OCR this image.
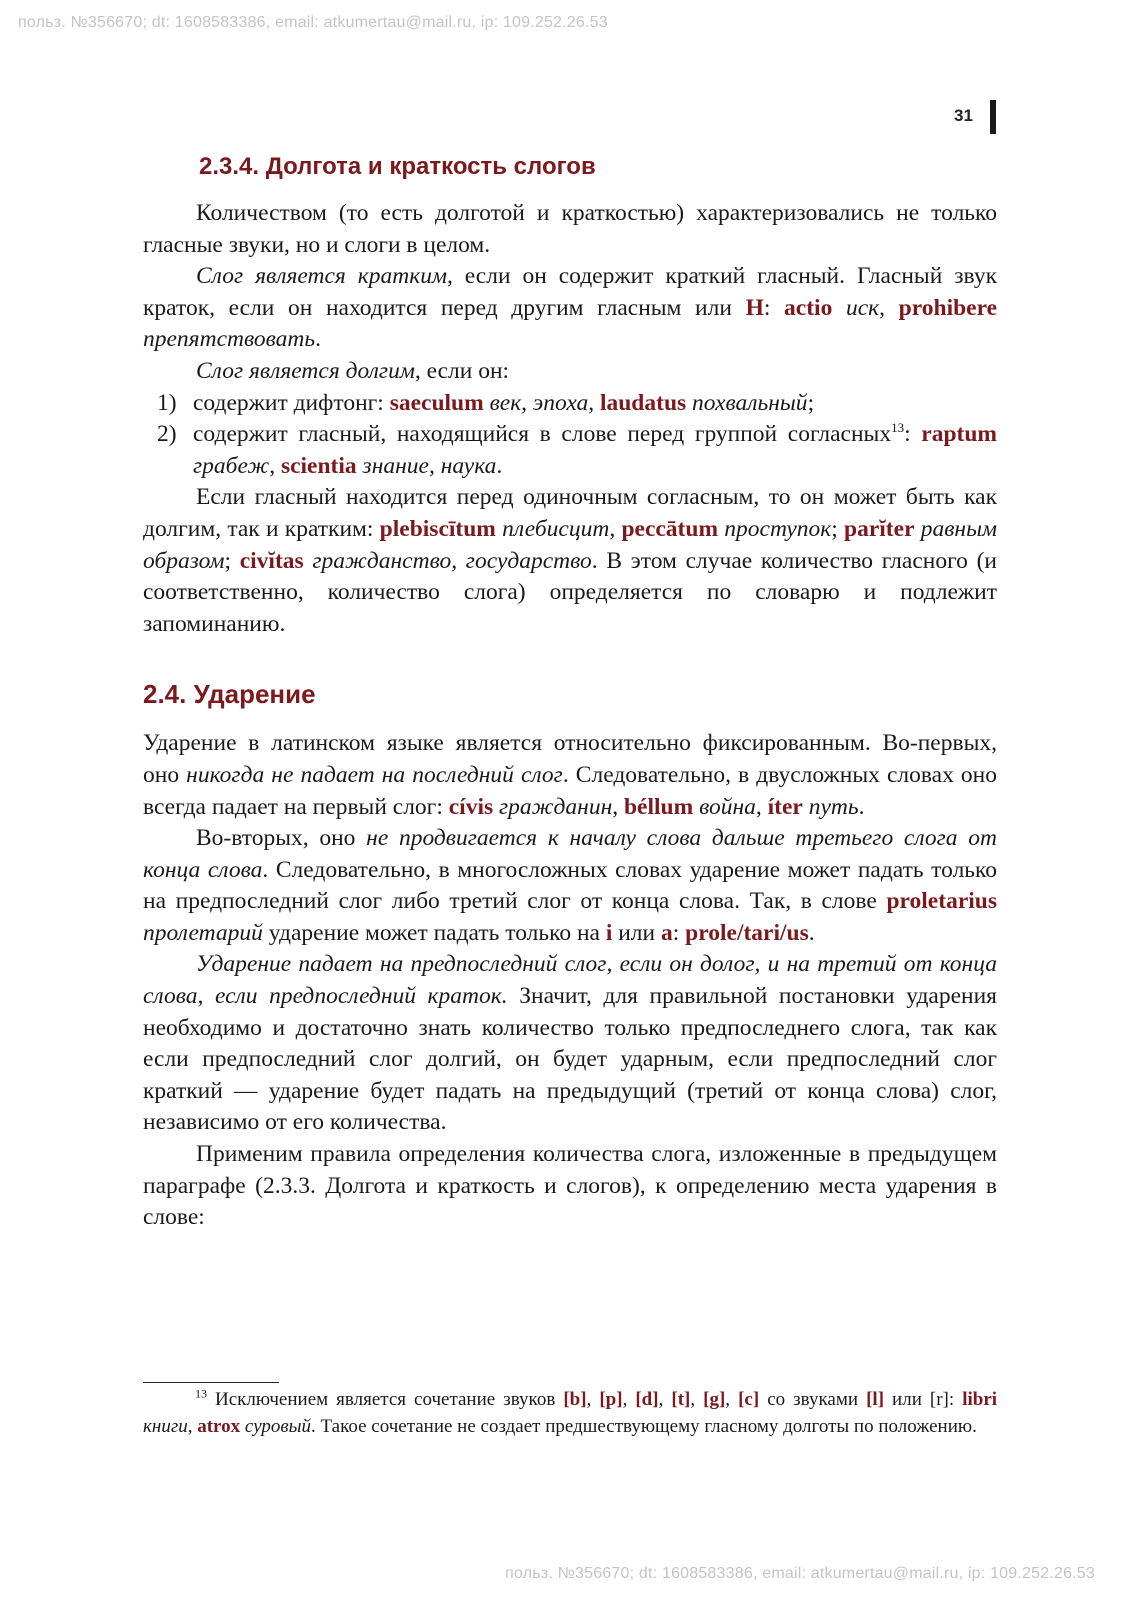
польз. №356670; dt: 1608583386, email: atkumertau@mail.ru, ip: 109.252.26.53
31
2.3.4. Долгота и краткость слогов

Количеством (то есть долготой и краткостью) характеризовались не только гласные звуки, но и слоги в целом.

Слог является кратким, если он содержит краткий гласный. Гласный звук краток, если он находится перед другим гласным или H: actio иск, prohibere препятствовать.

Слог является долгим, если он:

1) содержит дифтонг: saeculum век, эпоха, laudatus похвальный;
2) содержит гласный, находящийся в слове перед группой согласных$^{13}$: raptum грабеж, scientia знание, наука.

Если гласный находится перед одиночным согласным, то он может быть как долгим, так и кратким: plebiscītum плебисцит, peccātum проступок; parĭter равным образом; civĭtas гражданство, государство. В этом случае количество гласного (и соответственно, количество слога) определяется по словарю и подлежит запоминанию.

2.4. Ударение

Ударение в латинском языке является относительно фиксированным. Во-первых, оно никогда не падает на последний слог. Следовательно, в двусложных словах оно всегда падает на первый слог: cívis гражданин, béllum война, íter путь.

Во-вторых, оно не продвигается к началу слова дальше третьего слога от конца слова. Следовательно, в многосложных словах ударение может падать только на предпоследний слог либо третий слог от конца слова. Так, в слове proletarius пролетарий ударение может падать только на i или a: prole/tari/us.

Ударение падает на предпоследний слог, если он долог, и на третий от конца слова, если предпоследний краток. Значит, для правильной постановки ударения необходимо и достаточно знать количество только предпоследнего слога, так как если предпоследний слог долгий, он будет ударным, если предпоследний слог краткий — ударение будет падать на предыдущий (третий от конца слова) слог, независимо от его количества.

Применим правила определения количества слога, изложенные в предыдущем параграфе (2.3.3. Долгота и краткость и слогов), к определению места ударения в слове:

$^{13}$ Исключением является сочетание звуков [b], [p], [d], [t], [g], [c] со звуками [l] или [r]: libri книги, atrox суровый. Такое сочетание не создает предшествующему гласному долготы по положению.

польз. №356670; dt: 1608583386, email: atkumertau@mail.ru, ip: 109.252.26.53
